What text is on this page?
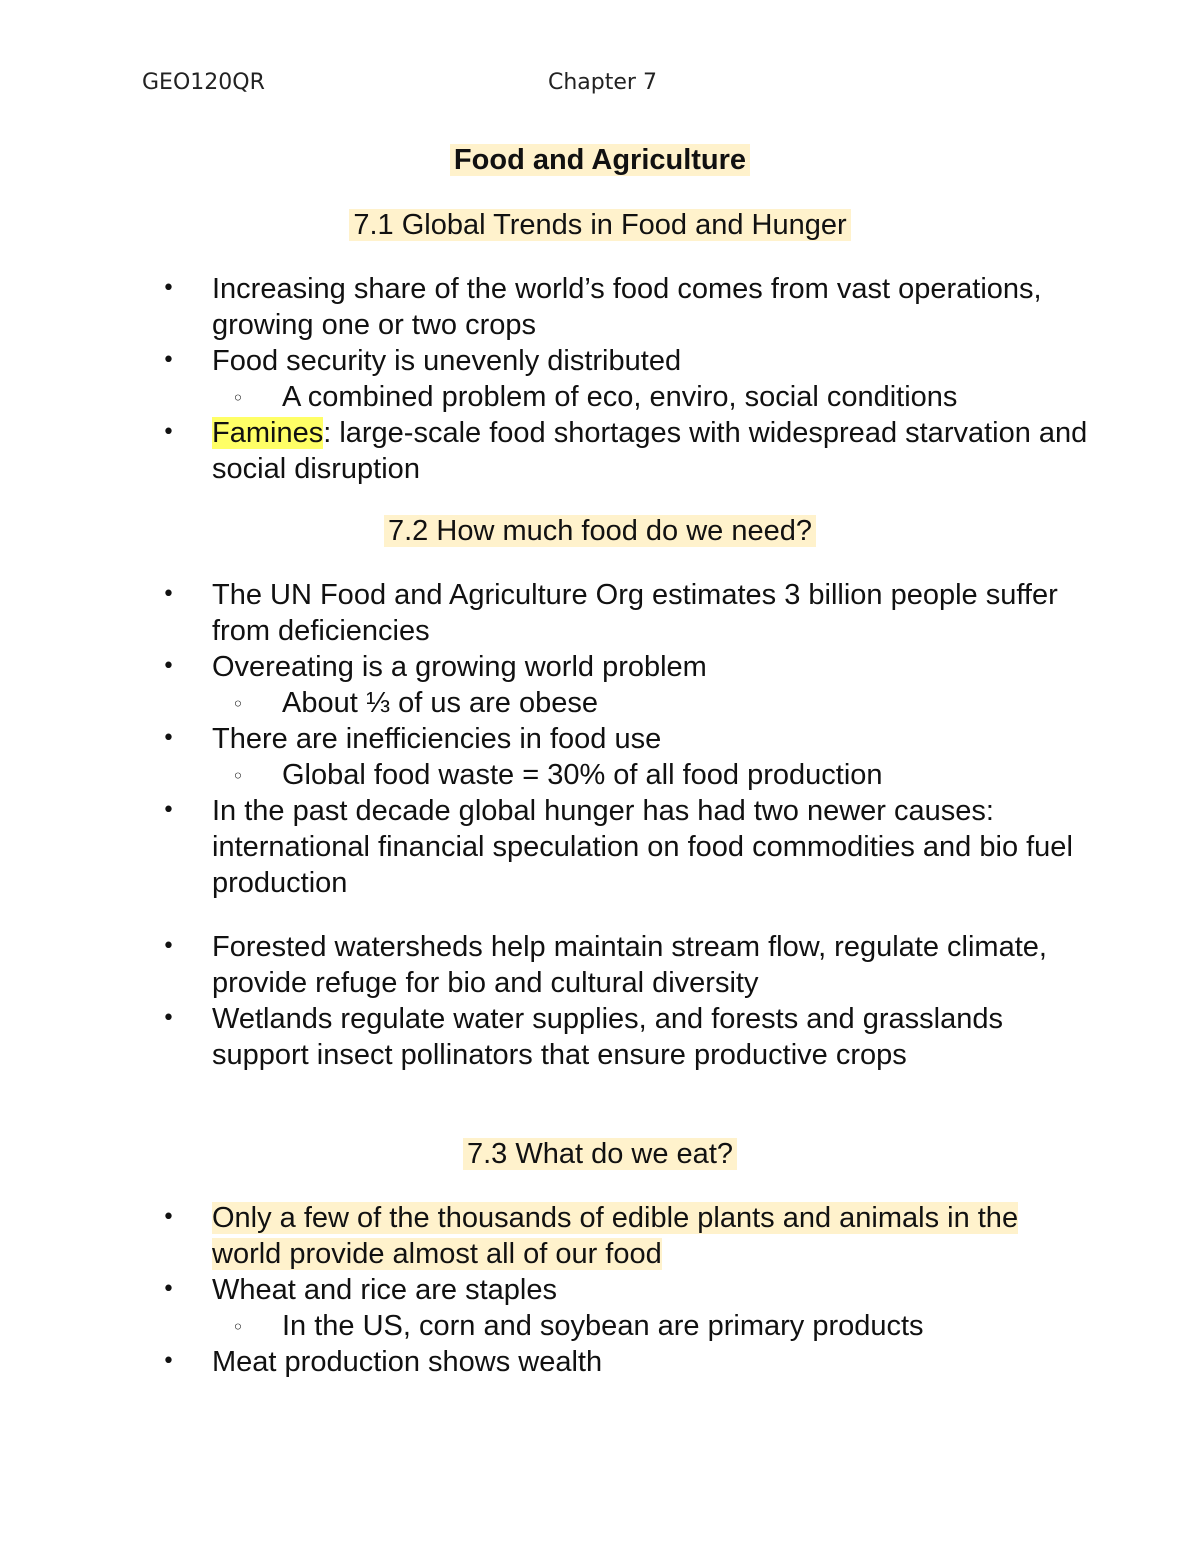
GEO120QR	Chapter 7
Food and Agriculture
7.1 Global Trends in Food and Hunger
• Increasing share of the world’s food comes from vast operations, growing one or two crops
• Food security is unevenly distributed
◦ A combined problem of eco, enviro, social conditions
• Famines: large-scale food shortages with widespread starvation and social disruption
7.2 How much food do we need?
• The UN Food and Agriculture Org estimates 3 billion people suffer from deficiencies
• Overeating is a growing world problem
◦ About ⅓ of us are obese
• There are inefficiencies in food use
◦ Global food waste = 30% of all food production
• In the past decade global hunger has had two newer causes: international financial speculation on food commodities and bio fuel production
• Forested watersheds help maintain stream flow, regulate climate, provide refuge for bio and cultural diversity
• Wetlands regulate water supplies, and forests and grasslands support insect pollinators that ensure productive crops
7.3 What do we eat?
• Only a few of the thousands of edible plants and animals in the world provide almost all of our food
• Wheat and rice are staples
◦ In the US, corn and soybean are primary products
• Meat production shows wealth
